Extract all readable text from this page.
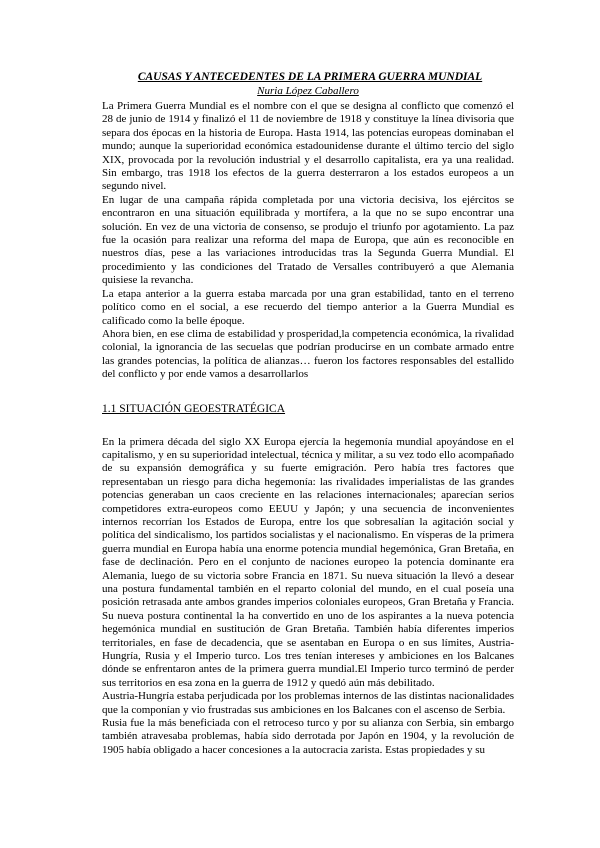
CAUSAS Y ANTECEDENTES DE LA PRIMERA GUERRA MUNDIAL
Nuria López Caballero

La Primera Guerra Mundial es el nombre con el que se designa al conflicto que comenzó el 28 de junio de 1914 y finalizó el 11 de noviembre de 1918 y constituye la línea divisoria que separa dos épocas en la historia de Europa. Hasta 1914, las potencias europeas dominaban el mundo; aunque la superioridad económica estadounidense durante el último tercio del siglo XIX, provocada por la revolución industrial y el desarrollo capitalista, era ya una realidad. Sin embargo, tras 1918 los efectos de la guerra desterraron a los estados europeos a un segundo nivel.

En lugar de una campaña rápida completada por una victoria decisiva, los ejércitos se encontraron en una situación equilibrada y mortífera, a la que no se supo encontrar una solución. En vez de una victoria de consenso, se produjo el triunfo por agotamiento. La paz fue la ocasión para realizar una reforma del mapa de Europa, que aún es reconocible en nuestros días, pese a las variaciones introducidas tras la Segunda Guerra Mundial. El procedimiento y las condiciones del Tratado de Versalles contribuyeró a que Alemania quisiese la revancha.

La etapa anterior a la guerra estaba marcada por una gran estabilidad, tanto en el terreno político como en el social, a ese recuerdo del tiempo anterior a la Guerra Mundial es calificado como la belle époque.

Ahora bien, en ese clima de estabilidad y prosperidad,la competencia económica, la rivalidad colonial, la ignorancia de las secuelas que podrían producirse en un combate armado entre las grandes potencias, la política de alianzas… fueron los factores responsables del estallido del conflicto y por ende vamos a desarrollarlos

1.1 SITUACIÓN GEOESTRATÉGICA

En la primera década del siglo XX Europa ejercía la hegemonía mundial apoyándose en el capitalismo, y en su superioridad intelectual, técnica y militar, a su vez todo ello acompañado de su expansión demográfica y su fuerte emigración. Pero había tres factores que representaban un riesgo para dicha hegemonía: las rivalidades imperialistas de las grandes potencias generaban un caos creciente en las relaciones internacionales; aparecían serios competidores extra-europeos como EEUU y Japón; y una secuencia de inconvenientes internos recorrían los Estados de Europa, entre los que sobresalían la agitación social y política del sindicalismo, los partidos socialistas y el nacionalismo. En vísperas de la primera guerra mundial en Europa había una enorme potencia mundial hegemónica, Gran Bretaña, en fase de declinación. Pero en el conjunto de naciones europeo la potencia dominante era Alemania, luego de su victoria sobre Francia en 1871. Su nueva situación la llevó a desear una postura fundamental también en el reparto colonial del mundo, en el cual poseía una posición retrasada ante ambos grandes imperios coloniales europeos, Gran Bretaña y Francia. Su nueva postura continental la ha convertido en uno de los aspirantes a la nueva potencia hegemónica mundial en sustitución de Gran Bretaña. También había diferentes imperios territoriales, en fase de decadencia, que se asentaban en Europa o en sus límites, Austria-Hungría, Rusia y el Imperio turco. Los tres tenían intereses y ambiciones en los Balcanes dónde se enfrentaron antes de la primera guerra mundial.El Imperio turco terminó de perder sus territorios en esa zona en la guerra de 1912 y quedó aún más debilitado.

Austria-Hungría estaba perjudicada por los problemas internos de las distintas nacionalidades que la componían y vio frustradas sus ambiciones en los Balcanes con el ascenso de Serbia.

Rusia fue la más beneficiada con el retroceso turco y por su alianza con Serbia, sin embargo también atravesaba problemas, había sido derrotada por Japón en 1904, y la revolución de 1905 había obligado a hacer concesiones a la autocracia zarista. Estas propiedades y su
